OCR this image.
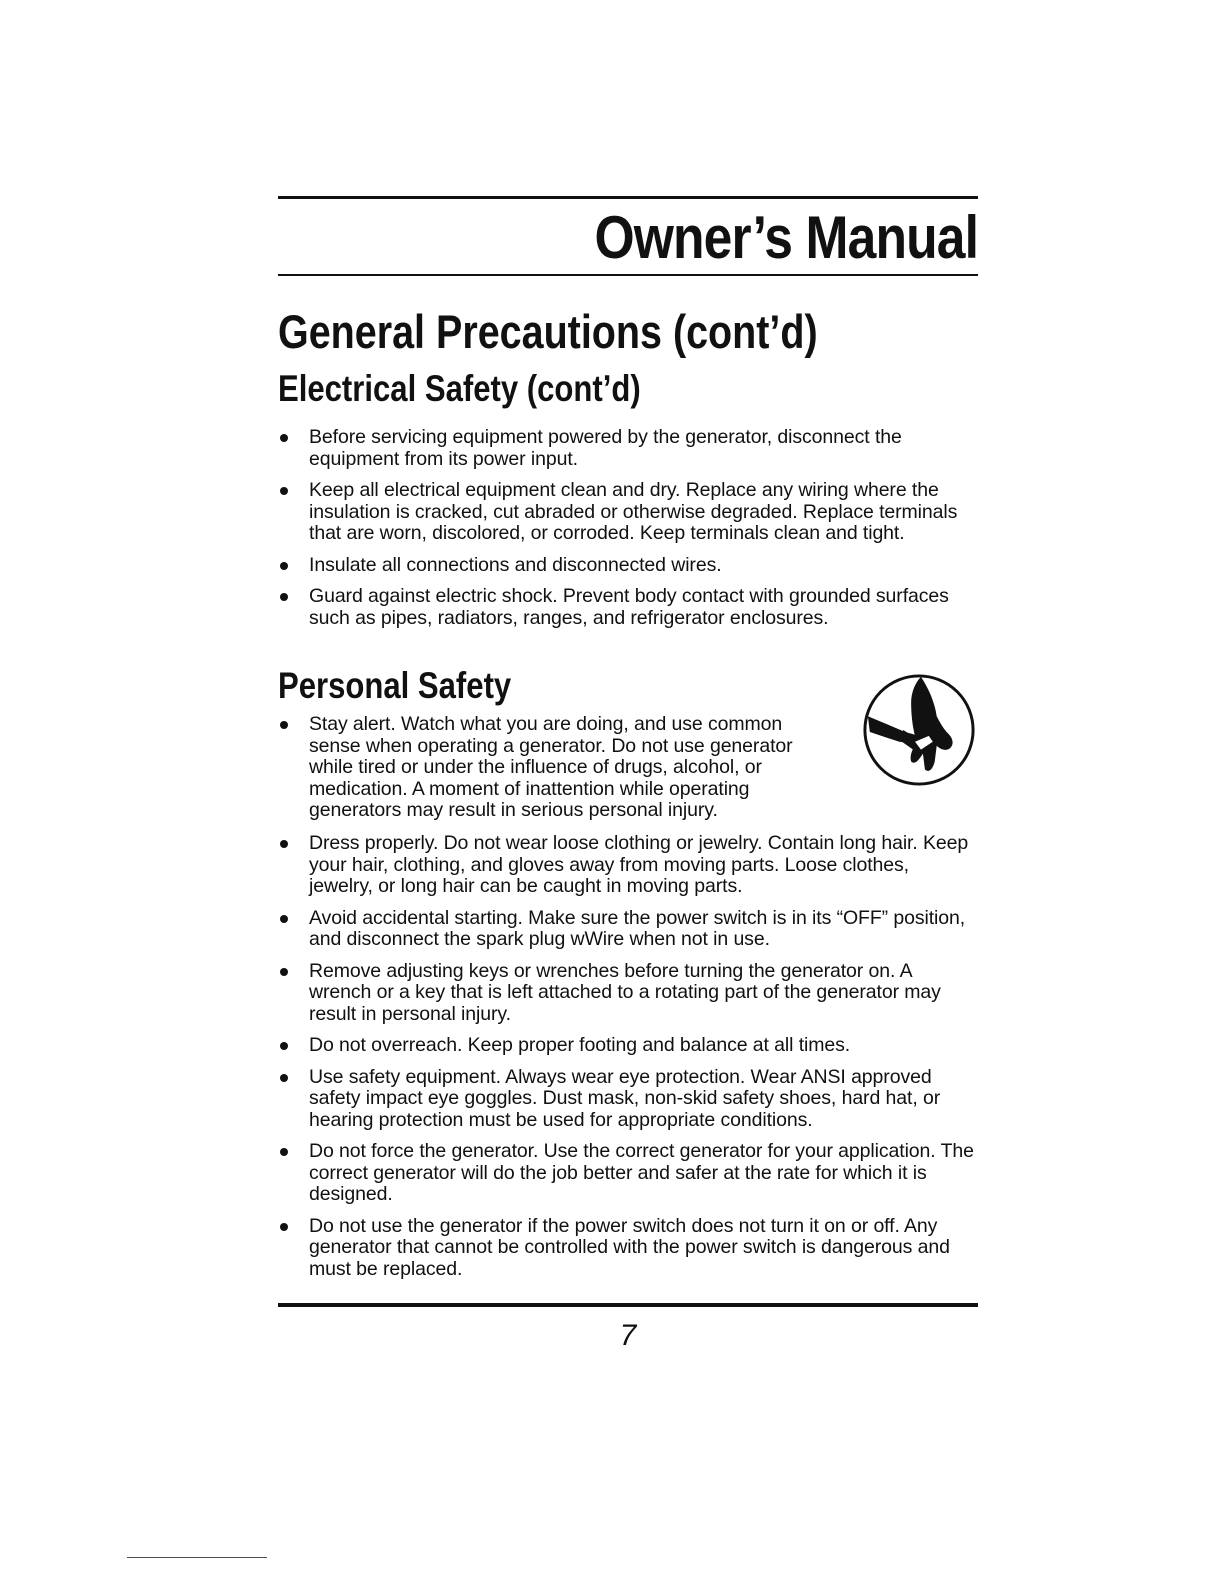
Owner’s Manual
General Precautions (cont’d)
Electrical Safety (cont’d)
Before servicing equipment powered by the generator, disconnect the equipment from its power input.
Keep all electrical equipment clean and dry. Replace any wiring where the insulation is cracked, cut abraded or otherwise degraded. Replace terminals that are worn, discolored, or corroded. Keep terminals clean and tight.
Insulate all connections and disconnected wires.
Guard against electric shock. Prevent body contact with grounded surfaces such as pipes, radiators, ranges, and refrigerator enclosures.
Personal Safety
Stay alert. Watch what you are doing, and use common sense when operating a generator. Do not use generator while tired or under the influence of drugs, alcohol, or medication. A moment of inattention while operating generators may result in serious personal injury.
Dress properly. Do not wear loose clothing or jewelry. Contain long hair. Keep your hair, clothing, and gloves away from moving parts. Loose clothes, jewelry, or long hair can be caught in moving parts.
Avoid accidental starting. Make sure the power switch is in its “OFF” position, and disconnect the spark plug wWire when not in use.
Remove adjusting keys or wrenches before turning the generator on. A wrench or a key that is left attached to a rotating part of the generator may result in personal injury.
Do not overreach. Keep proper footing and balance at all times.
Use safety equipment. Always wear eye protection. Wear ANSI approved safety impact eye goggles. Dust mask, non-skid safety shoes, hard hat, or hearing protection must be used for appropriate conditions.
Do not force the generator. Use the correct generator for your application. The correct generator will do the job better and safer at the rate for which it is designed.
Do not use the generator if the power switch does not turn it on or off. Any generator that cannot be controlled with the power switch is dangerous and must be replaced.
7
